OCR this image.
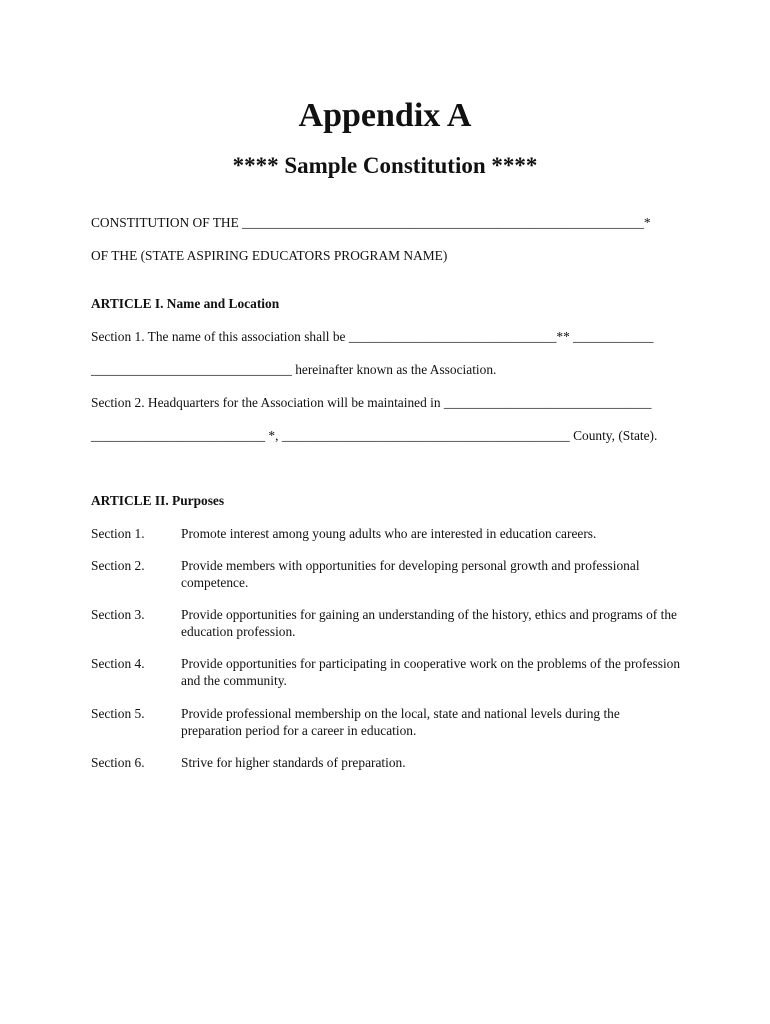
Appendix A
**** Sample Constitution ****

CONSTITUTION OF THE ____________________________________________________________*

OF THE (STATE ASPIRING EDUCATORS PROGRAM NAME)

ARTICLE I. Name and Location

Section 1. The name of this association shall be _______________________________** ____________

______________________________ hereinafter known as the Association.

Section 2. Headquarters for the Association will be maintained in _______________________________

__________________________ *, ___________________________________________ County, (State).

ARTICLE II. Purposes

Section 1.	Promote interest among young adults who are interested in education careers.
Section 2.	Provide members with opportunities for developing personal growth and professional competence.
Section 3.	Provide opportunities for gaining an understanding of the history, ethics and programs of the education profession.
Section 4.	Provide opportunities for participating in cooperative work on the problems of the profession and the community.
Section 5.	Provide professional membership on the local, state and national levels during the preparation period for a career in education.
Section 6.	Strive for higher standards of preparation.
